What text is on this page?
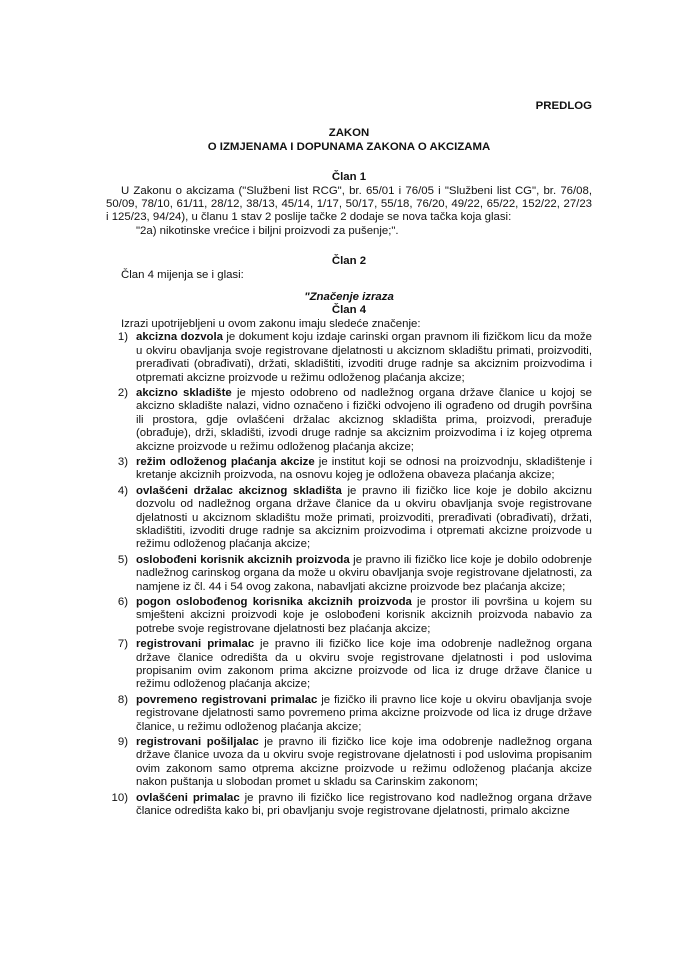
PREDLOG

ZAKON

O IZMJENAMA I DOPUNAMA ZAKONA O AKCIZAMA

Član 1

U Zakonu o akcizama ("Službeni list RCG", br. 65/01 i 76/05 i "Službeni list CG", br. 76/08, 50/09, 78/10, 61/11, 28/12, 38/13, 45/14, 1/17, 50/17, 55/18, 76/20, 49/22, 65/22, 152/22, 27/23 i 125/23, 94/24), u članu 1 stav 2 poslije tačke 2 dodaje se nova tačka koja glasi:

"2a) nikotinske vrećice i biljni proizvodi za pušenje;".

Član 2

Član 4 mijenja se i glasi:

"Značenje izraza

Član 4

Izrazi upotrijebljeni u ovom zakonu imaju sledeće značenje:

1) akcizna dozvola je dokument koju izdaje carinski organ pravnom ili fizičkom licu da može u okviru obavljanja svoje registrovane djelatnosti u akciznom skladištu primati, proizvoditi, prerađivati (obrađivati), držati, skladištiti, izvoditi druge radnje sa akciznim proizvodima i otpremati akcizne proizvode u režimu odloženog plaćanja akcize;
2) akcizno skladište je mjesto odobreno od nadležnog organa države članice u kojoj se akcizno skladište nalazi, vidno označeno i fizički odvojeno ili ograđeno od drugih površina ili prostora, gdje ovlašćeni držalac akciznog skladišta prima, proizvodi, prerađuje (obrađuje), drži, skladišti, izvodi druge radnje sa akciznim proizvodima i iz kojeg otprema akcizne proizvode u režimu odloženog plaćanja akcize;
3) režim odloženog plaćanja akcize je institut koji se odnosi na proizvodnju, skladištenje i kretanje akciznih proizvoda, na osnovu kojeg je odložena obaveza plaćanja akcize;
4) ovlašćeni držalac akciznog skladišta je pravno ili fizičko lice koje je dobilo akciznu dozvolu od nadležnog organa države članice da u okviru obavljanja svoje registrovane djelatnosti u akciznom skladištu može primati, proizvoditi, prerađivati (obrađivati), držati, skladištiti, izvoditi druge radnje sa akciznim proizvodima i otpremati akcizne proizvode u režimu odloženog plaćanja akcize;
5) oslobođeni korisnik akciznih proizvoda je pravno ili fizičko lice koje je dobilo odobrenje nadležnog carinskog organa da može u okviru obavljanja svoje registrovane djelatnosti, za namjene iz čl. 44 i 54 ovog zakona, nabavljati akcizne proizvode bez plaćanja akcize;
6) pogon oslobođenog korisnika akciznih proizvoda je prostor ili površina u kojem su smješteni akcizni proizvodi koje je oslobođeni korisnik akciznih proizvoda nabavio za potrebe svoje registrovane djelatnosti bez plaćanja akcize;
7) registrovani primalac je pravno ili fizičko lice koje ima odobrenje nadležnog organa države članice odredišta da u okviru svoje registrovane djelatnosti i pod uslovima propisanim ovim zakonom prima akcizne proizvode od lica iz druge države članice u režimu odloženog plaćanja akcize;
8) povremeno registrovani primalac je fizičko ili pravno lice koje u okviru obavljanja svoje registrovane djelatnosti samo povremeno prima akcizne proizvode od lica iz druge države članice, u režimu odloženog plaćanja akcize;
9) registrovani pošiljalac je pravno ili fizičko lice koje ima odobrenje nadležnog organa države članice uvoza da u okviru svoje registrovane djelatnosti i pod uslovima propisanim ovim zakonom samo otprema akcizne proizvode u režimu odloženog plaćanja akcize nakon puštanja u slobodan promet u skladu sa Carinskim zakonom;
10) ovlašćeni primalac je pravno ili fizičko lice registrovano kod nadležnog organa države članice odredišta kako bi, pri obavljanju svoje registrovane djelatnosti, primalo akcizne
